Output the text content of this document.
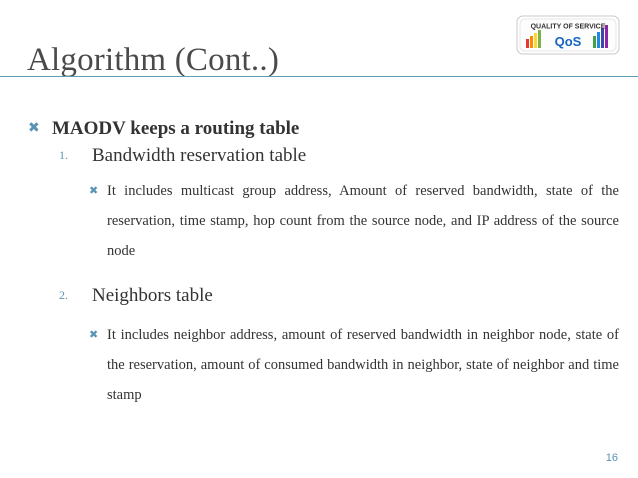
Algorithm (Cont..)
QUALITY OF SERVICE
QoS
✖ MAODV keeps a routing table
1. Bandwidth reservation table
✖ It includes multicast group address, Amount of reserved bandwidth, state of the reservation, time stamp, hop count from the source node, and IP address of the source node
2. Neighbors table
✖ It includes neighbor address, amount of reserved bandwidth in neighbor node, state of the reservation, amount of consumed bandwidth in neighbor, state of neighbor and time stamp
16
